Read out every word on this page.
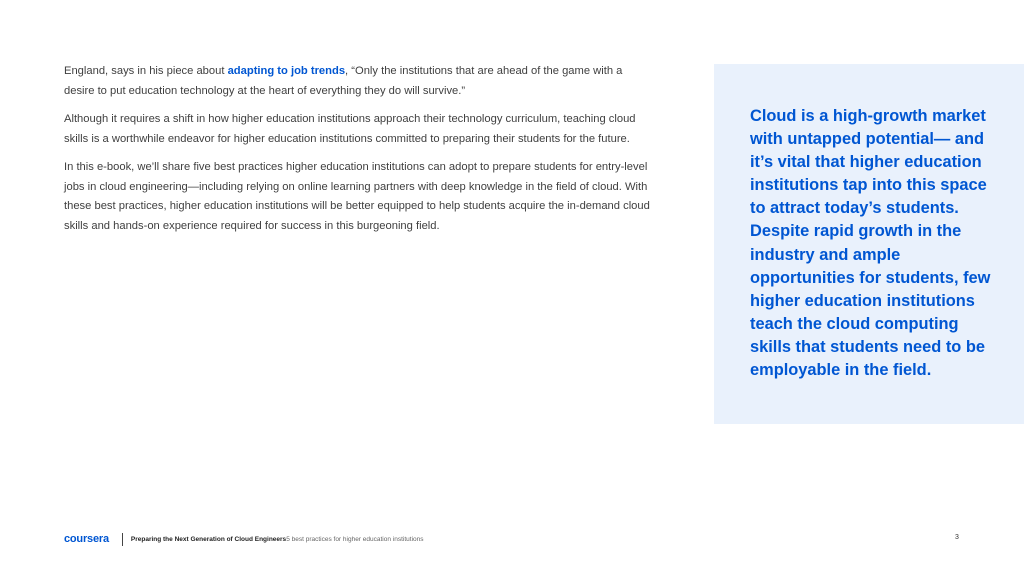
England, says in his piece about adapting to job trends, “Only the institutions that are ahead of the game with a desire to put education technology at the heart of everything they do will survive.”

Although it requires a shift in how higher education institutions approach their technology curriculum, teaching cloud skills is a worthwhile endeavor for higher education institutions committed to preparing their students for the future.

In this e-book, we’ll share five best practices higher education institutions can adopt to prepare students for entry-level jobs in cloud engineering—including relying on online learning partners with deep knowledge in the field of cloud. With these best practices, higher education institutions will be better equipped to help students acquire the in-demand cloud skills and hands-on experience required for success in this burgeoning field.

Cloud is a high-growth market with untapped potential— and it’s vital that higher education institutions tap into this space to attract today’s students. Despite rapid growth in the industry and ample opportunities for students, few higher education institutions teach the cloud computing skills that students need to be employable in the field.

coursera	Preparing the Next Generation of Cloud Engineers 5 best practices for higher education institutions	3
